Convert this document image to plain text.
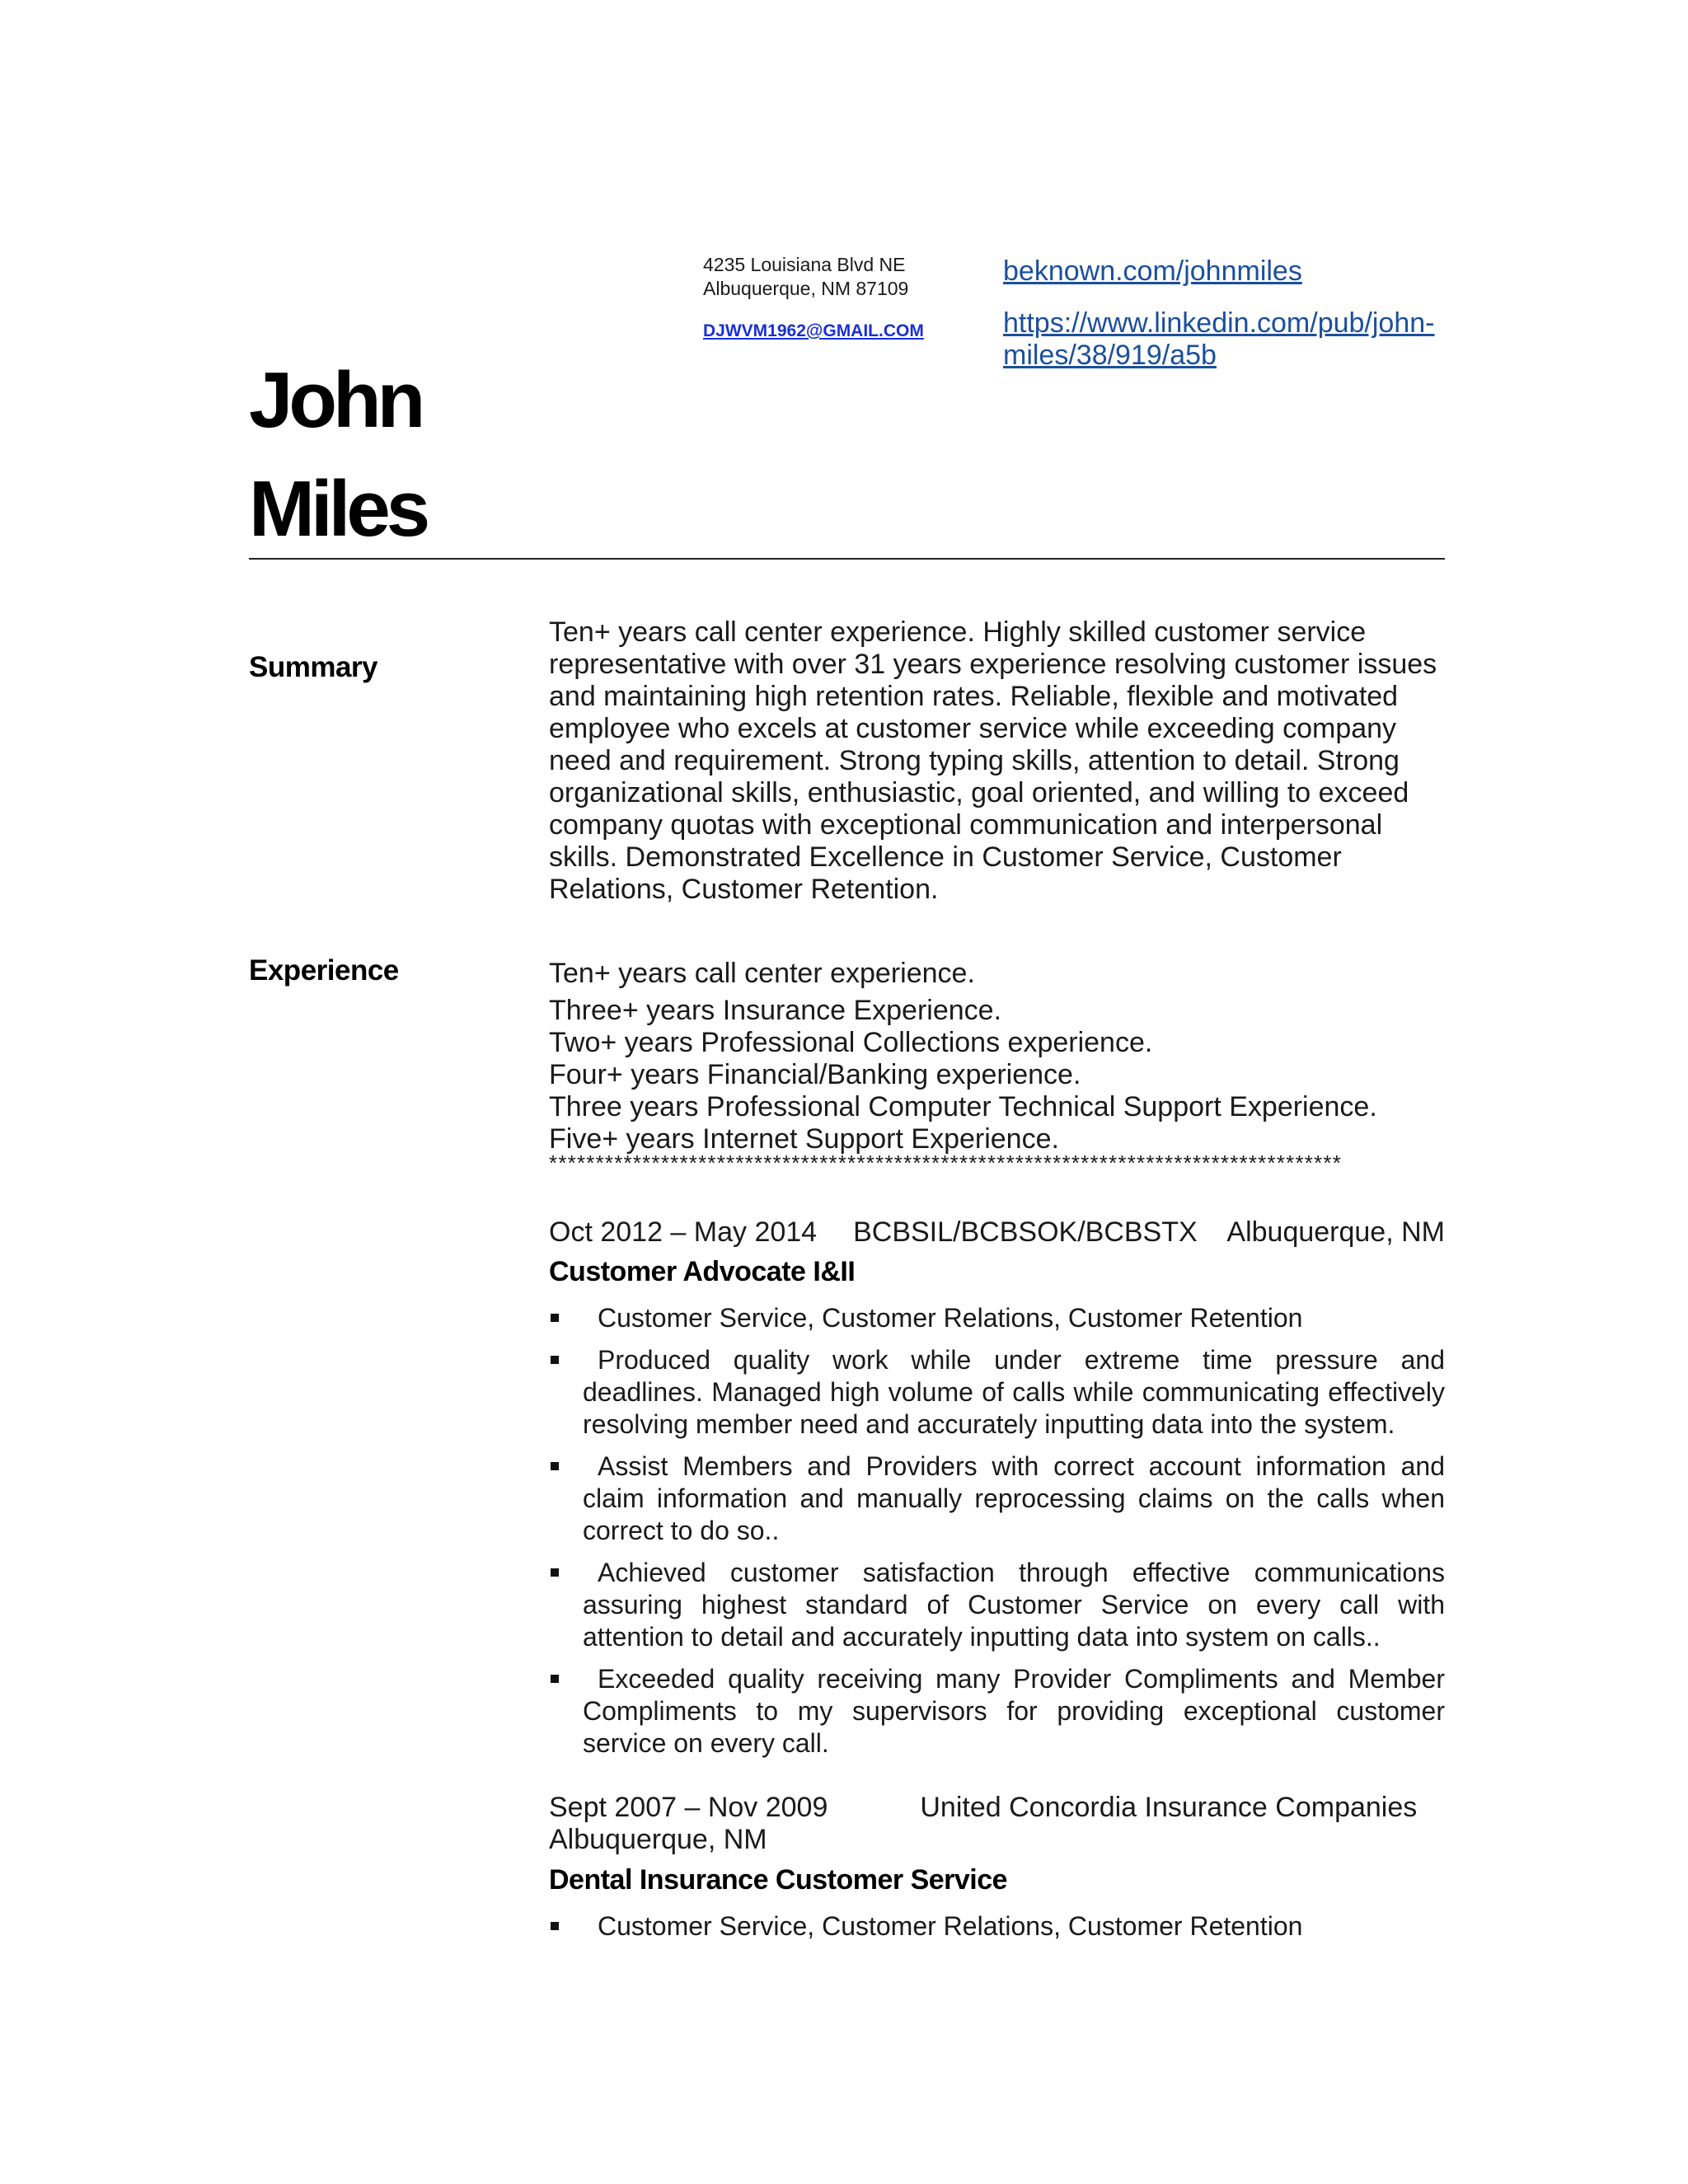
4235 Louisiana Blvd NE
Albuquerque, NM 87109
DJWVM1962@GMAIL.COM
beknown.com/johnmiles
https://www.linkedin.com/pub/john-
miles/38/919/a5b
John
Miles
Summary
Ten+ years call center experience. Highly skilled customer service
representative with over 31 years experience resolving customer issues
and maintaining high retention rates. Reliable, flexible and motivated
employee who excels at customer service while exceeding company
need and requirement. Strong typing skills, attention to detail. Strong
organizational skills, enthusiastic, goal oriented, and willing to exceed
company quotas with exceptional communication and interpersonal
skills. Demonstrated Excellence in Customer Service, Customer
Relations, Customer Retention.
Experience	Ten+ years call center experience.
Three+ years Insurance Experience.
Two+ years Professional Collections experience.
Four+ years Financial/Banking experience.
Three years Professional Computer Technical Support Experience.
Five+ years Internet Support Experience.
*************************************************************************************
Oct 2012 – May 2014 BCBSIL/BCBSOK/BCBSTX Albuquerque, NM
Customer Advocate I&II
Customer Service, Customer Relations, Customer Retention
Produced quality work while under extreme time pressure and deadlines. Managed high volume of calls while communicating effectively resolving member need and accurately inputting data into the system.
Assist Members and Providers with correct account information and claim information and manually reprocessing claims on the calls when correct to do so..
Achieved customer satisfaction through effective communications assuring highest standard of Customer Service on every call with attention to detail and accurately inputting data into system on calls..
Exceeded quality receiving many Provider Compliments and Member Compliments to my supervisors for providing exceptional customer service on every call.
Sept 2007 – Nov 2009	United Concordia Insurance Companies
Albuquerque, NM
Dental Insurance Customer Service
Customer Service, Customer Relations, Customer Retention
